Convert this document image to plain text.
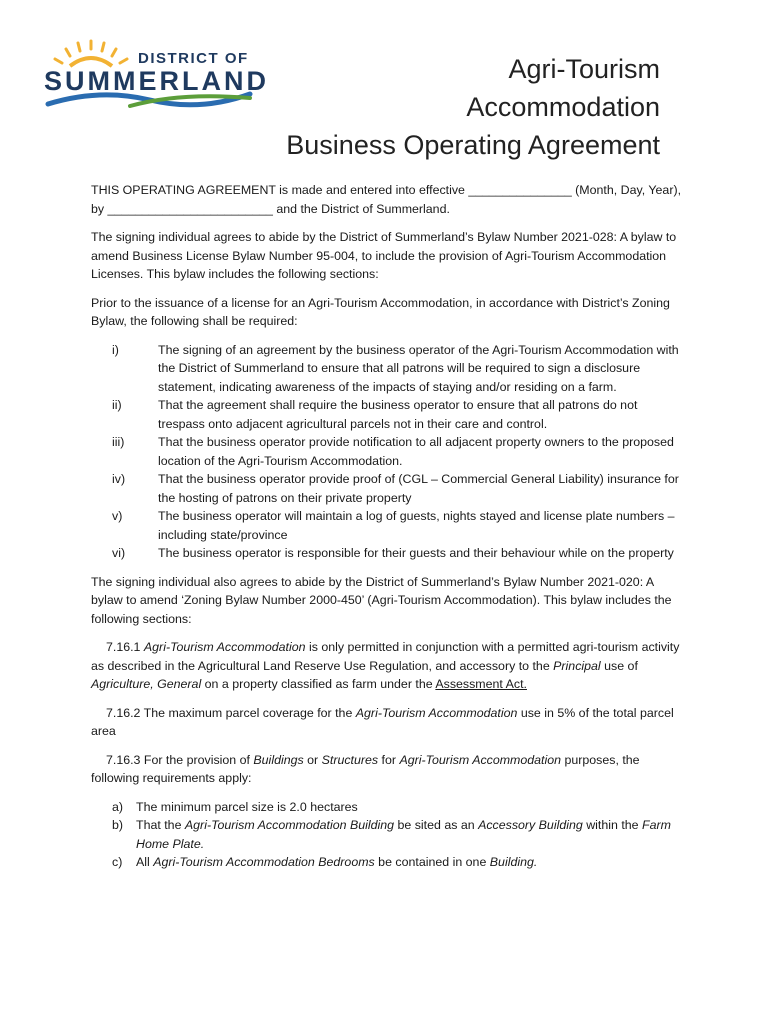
DISTRICT OF
SUMMERLAND	Agri-Tourism
Accommodation
Business Operating Agreement

THIS OPERATING AGREEMENT is made and entered into effective _______________ (Month, Day, Year), by ________________________ and the District of Summerland.

The signing individual agrees to abide by the District of Summerland’s Bylaw Number 2021-028: A bylaw to amend Business License Bylaw Number 95-004, to include the provision of Agri-Tourism Accommodation Licenses. This bylaw includes the following sections:

Prior to the issuance of a license for an Agri-Tourism Accommodation, in accordance with District’s Zoning Bylaw, the following shall be required:

i)	The signing of an agreement by the business operator of the Agri-Tourism Accommodation with the District of Summerland to ensure that all patrons will be required to sign a disclosure statement, indicating awareness of the impacts of staying and/or residing on a farm.
ii)	That the agreement shall require the business operator to ensure that all patrons do not trespass onto adjacent agricultural parcels not in their care and control.
iii)	That the business operator provide notification to all adjacent property owners to the proposed location of the Agri-Tourism Accommodation.
iv)	That the business operator provide proof of (CGL – Commercial General Liability) insurance for the hosting of patrons on their private property
v)	The business operator will maintain a log of guests, nights stayed and license plate numbers – including state/province
vi)	The business operator is responsible for their guests and their behaviour while on the property

The signing individual also agrees to abide by the District of Summerland’s Bylaw Number 2021-020: A bylaw to amend ‘Zoning Bylaw Number 2000-450’ (Agri-Tourism Accommodation). This bylaw includes the following sections:

7.16.1 Agri-Tourism Accommodation is only permitted in conjunction with a permitted agri-tourism activity as described in the Agricultural Land Reserve Use Regulation, and accessory to the Principal use of Agriculture, General on a property classified as farm under the Assessment Act.

7.16.2 The maximum parcel coverage for the Agri-Tourism Accommodation use in 5% of the total parcel area

7.16.3 For the provision of Buildings or Structures for Agri-Tourism Accommodation purposes, the following requirements apply:

a) The minimum parcel size is 2.0 hectares
b) That the Agri-Tourism Accommodation Building be sited as an Accessory Building within the Farm Home Plate.
c) All Agri-Tourism Accommodation Bedrooms be contained in one Building.
